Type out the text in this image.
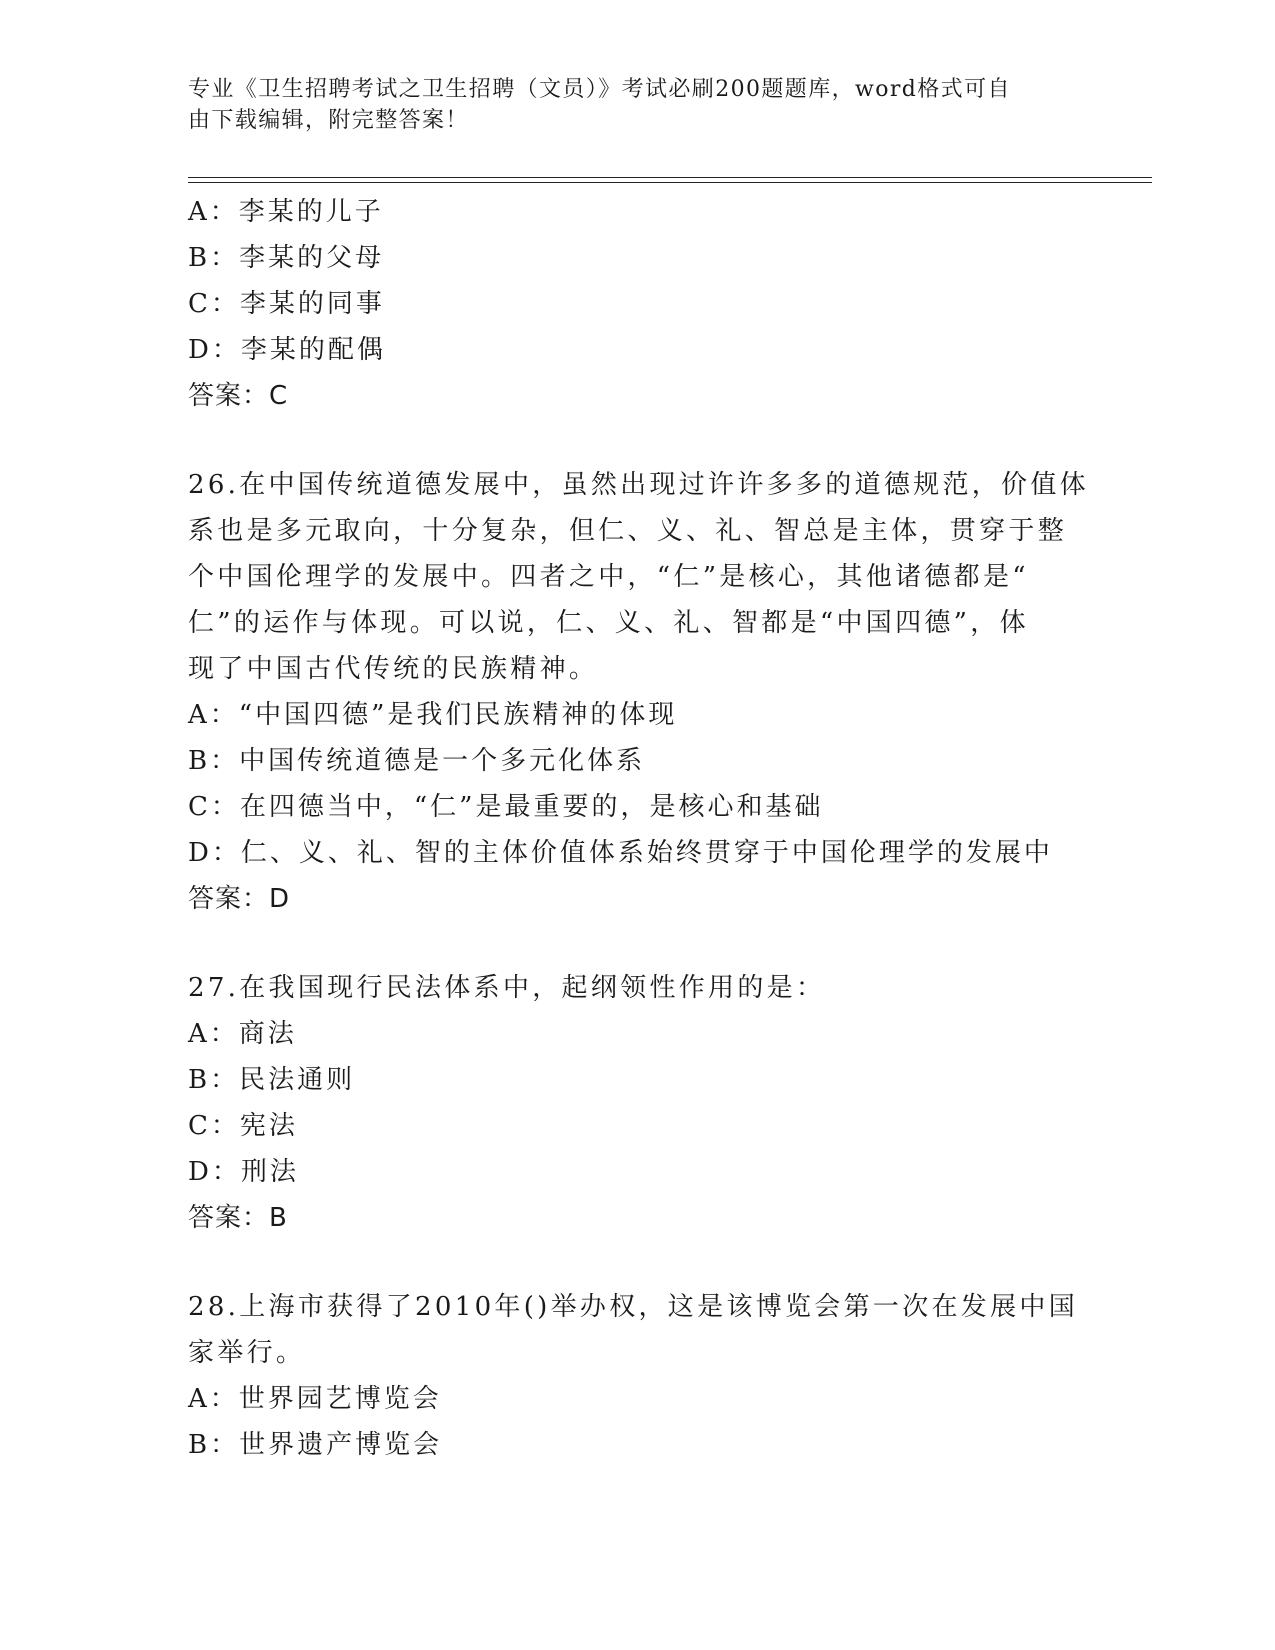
专业《卫生招聘考试之卫生招聘（文员）》考试必刷200题题库，word格式可自
由下载编辑，附完整答案！
A：李某的儿子
B：李某的父母
C：李某的同事
D：李某的配偶
答案：C
26.在中国传统道德发展中，虽然出现过许许多多的道德规范，价值体
系也是多元取向，十分复杂，但仁、义、礼、智总是主体，贯穿于整
个中国伦理学的发展中。四者之中，“仁”是核心，其他诸德都是“
仁”的运作与体现。可以说，仁、义、礼、智都是“中国四德”，体
现了中国古代传统的民族精神。
A：“中国四德”是我们民族精神的体现
B：中国传统道德是一个多元化体系
C：在四德当中，“仁”是最重要的，是核心和基础
D：仁、义、礼、智的主体价值体系始终贯穿于中国伦理学的发展中
答案：D
27.在我国现行民法体系中，起纲领性作用的是：
A：商法
B：民法通则
C：宪法
D：刑法
答案：B
28.上海市获得了2010年()举办权，这是该博览会第一次在发展中国
家举行。
A：世界园艺博览会
B：世界遗产博览会
